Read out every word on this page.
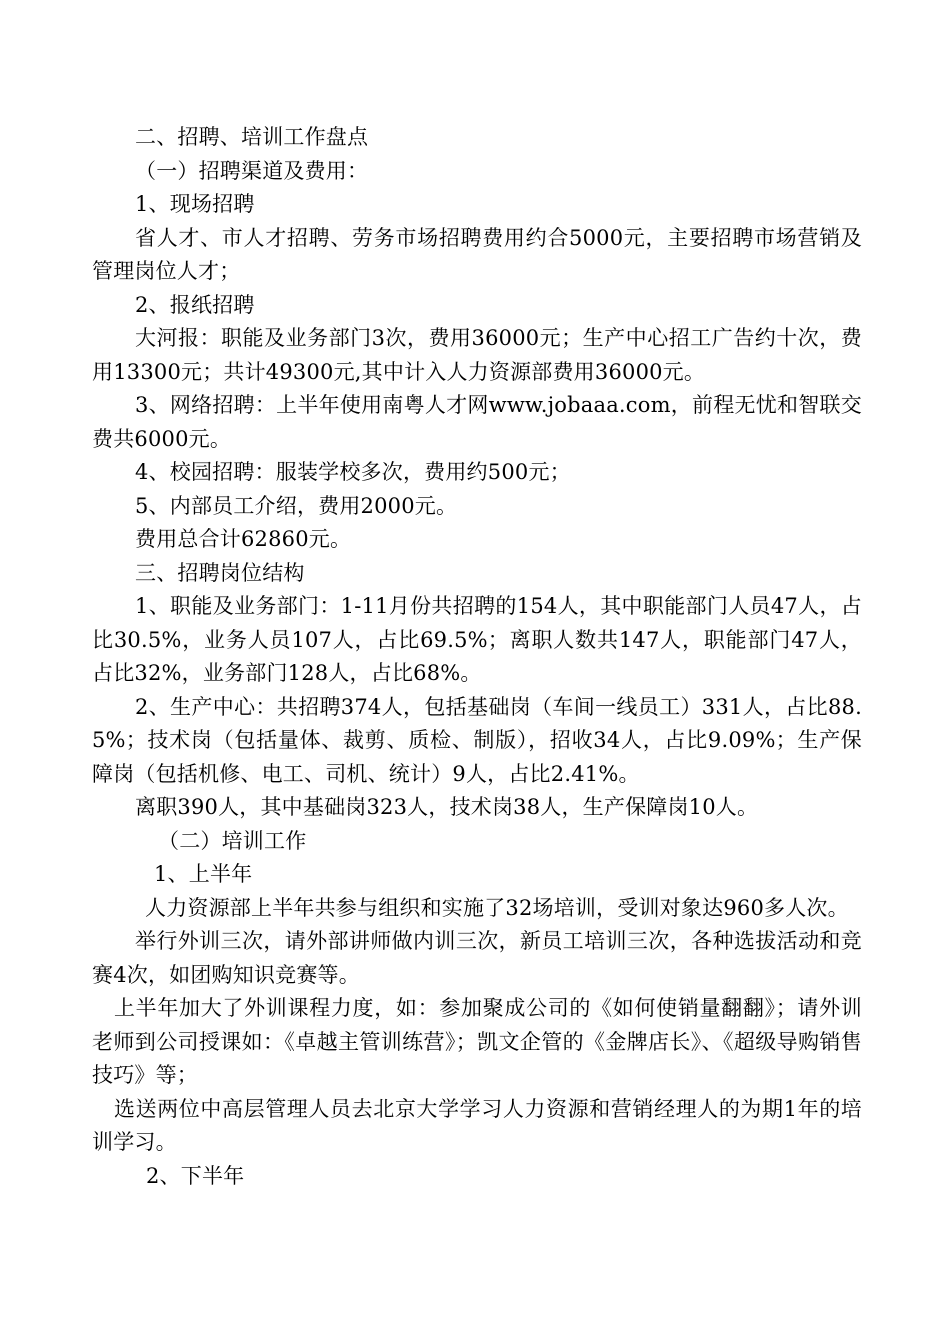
二、招聘、培训工作盘点

（一）招聘渠道及费用：

1、现场招聘

省人才、市人才招聘、劳务市场招聘费用约合5000元，主要招聘市场营销及管理岗位人才；

2、报纸招聘

大河报：职能及业务部门3次，费用36000元；生产中心招工广告约十次，费用13300元；共计49300元,其中计入人力资源部费用36000元。

3、网络招聘：上半年使用南粤人才网www.jobaaa.com，前程无忧和智联交费共6000元。

4、校园招聘：服装学校多次，费用约500元；

5、内部员工介绍，费用2000元。

费用总合计62860元。

三、招聘岗位结构

1、职能及业务部门：1-11月份共招聘的154人，其中职能部门人员47人，占比30.5%，业务人员107人，占比69.5%；离职人数共147人，职能部门47人，占比32%，业务部门128人，占比68%。

2、生产中心：共招聘374人，包括基础岗（车间一线员工）331人，占比88.5%；技术岗（包括量体、裁剪、质检、制版），招收34人，占比9.09%；生产保障岗（包括机修、电工、司机、统计）9人，占比2.41%。

离职390人，其中基础岗323人，技术岗38人，生产保障岗10人。

（二）培训工作

1、上半年

人力资源部上半年共参与组织和实施了32场培训，受训对象达960多人次。

举行外训三次，请外部讲师做内训三次，新员工培训三次，各种选拔活动和竞赛4次，如团购知识竞赛等。

上半年加大了外训课程力度，如：参加聚成公司的《如何使销量翻翻》；请外训老师到公司授课如：《卓越主管训练营》；凯文企管的《金牌店长》、《超级导购销售技巧》等；

选送两位中高层管理人员去北京大学学习人力资源和营销经理人的为期1年的培训学习。

2、下半年
